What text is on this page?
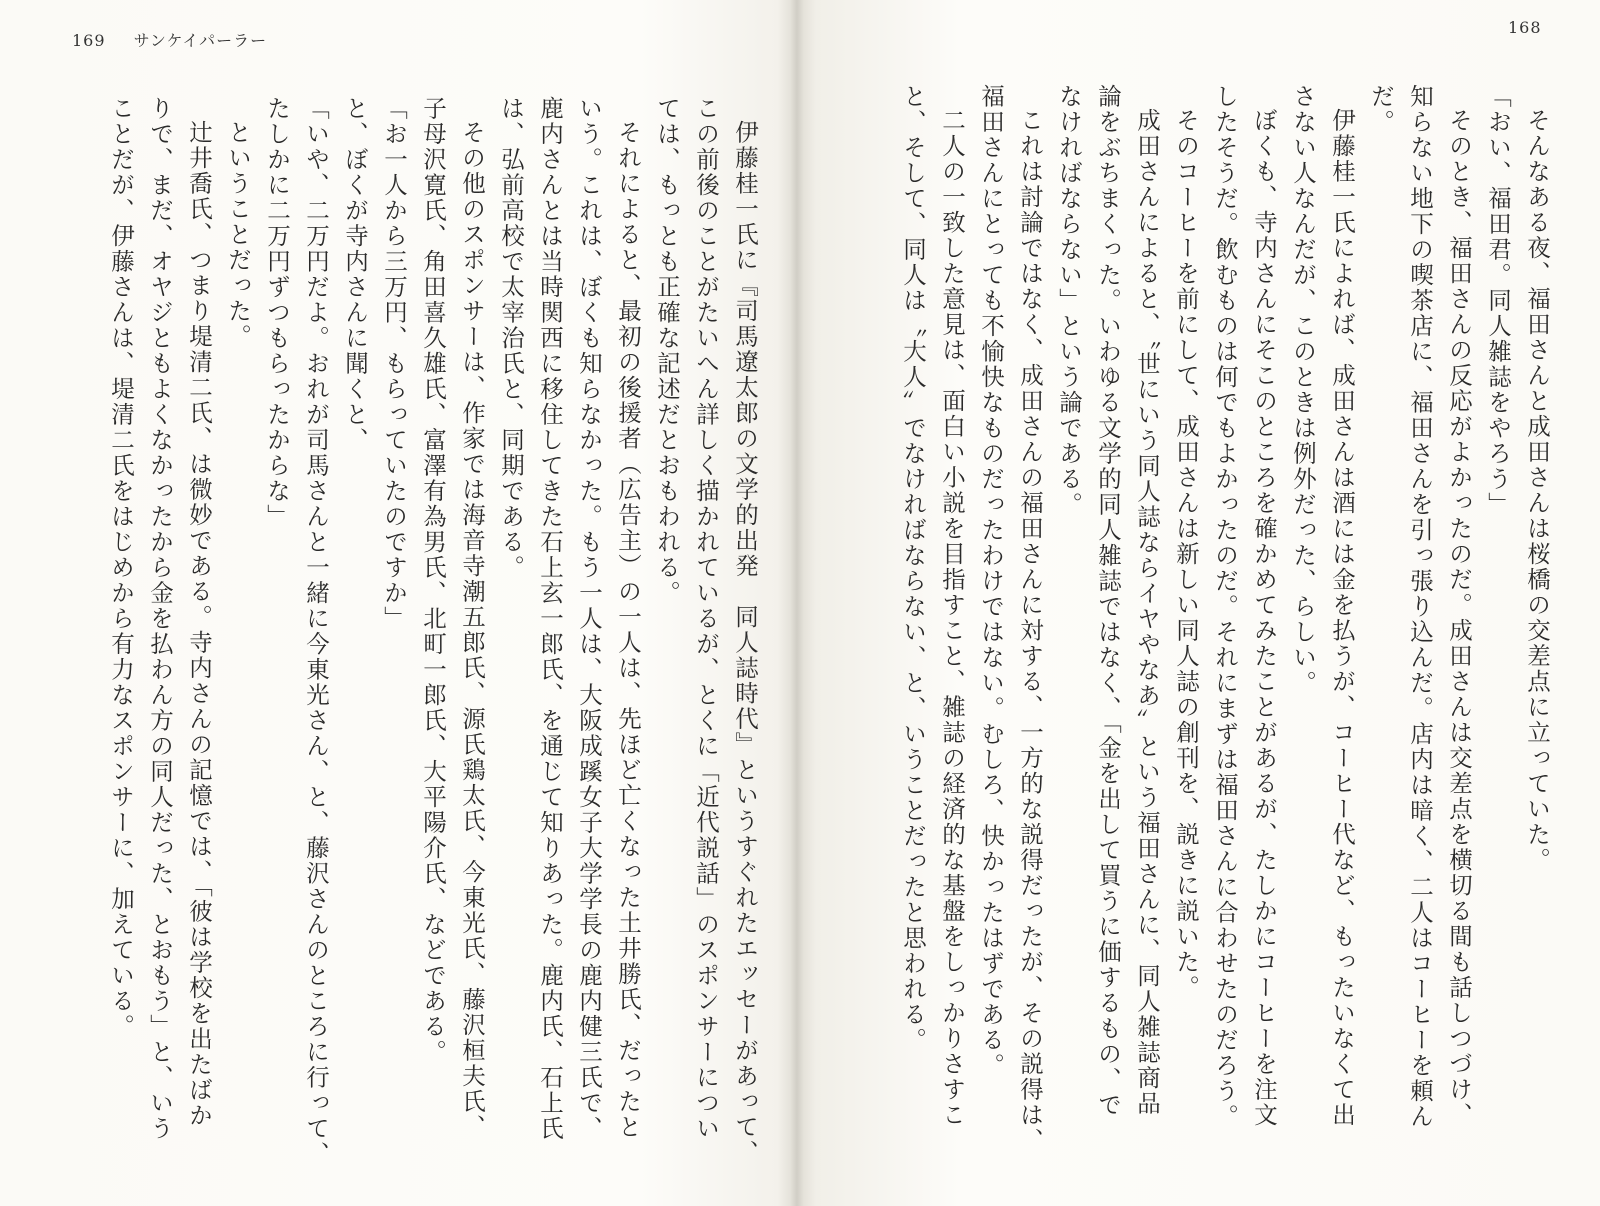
169 サンケイパーラー
168
そんなある夜、福田さんと成田さんは桜橋の交差点に立っていた。
「おい、福田君。同人雑誌をやろう」
そのとき、福田さんの反応がよかったのだ。成田さんは交差点を横切る間も話しつづけ、
知らない地下の喫茶店に、福田さんを引っ張り込んだ。店内は暗く、二人はコーヒーを頼ん
だ。
伊藤桂一氏によれば、成田さんは酒には金を払うが、コーヒー代など、もったいなくて出
さない人なんだが、このときは例外だった、らしい。
ぼくも、寺内さんにそこのところを確かめてみたことがあるが、たしかにコーヒーを注文
したそうだ。飲むものは何でもよかったのだ。それにまずは福田さんに合わせたのだろう。
そのコーヒーを前にして、成田さんは新しい同人誌の創刊を、説きに説いた。
成田さんによると、〝世にいう同人誌ならイヤやなあ〟という福田さんに、同人雑誌商品
論をぶちまくった。いわゆる文学的同人雑誌ではなく、「金を出して買うに価するもの、で
なければならない」という論である。
これは討論ではなく、成田さんの福田さんに対する、一方的な説得だったが、その説得は、
福田さんにとっても不愉快なものだったわけではない。むしろ、快かったはずである。
二人の一致した意見は、面白い小説を目指すこと、雑誌の経済的な基盤をしっかりさすこ
と、そして、同人は〝大人〟でなければならない、と、いうことだったと思われる。
伊藤桂一氏に『司馬遼太郎の文学的出発　同人誌時代』というすぐれたエッセーがあって、
この前後のことがたいへん詳しく描かれているが、とくに「近代説話」のスポンサーについ
ては、もっとも正確な記述だとおもわれる。
それによると、最初の後援者（広告主）の一人は、先ほど亡くなった土井勝氏、だったと
いう。これは、ぼくも知らなかった。もう一人は、大阪成蹊女子大学学長の鹿内健三氏で、
鹿内さんとは当時関西に移住してきた石上玄一郎氏、を通じて知りあった。鹿内氏、石上氏
は、弘前高校で太宰治氏と、同期である。
その他のスポンサーは、作家では海音寺潮五郎氏、源氏鶏太氏、今東光氏、藤沢桓夫氏、
子母沢寛氏、角田喜久雄氏、富澤有為男氏、北町一郎氏、大平陽介氏、などである。
「お一人から三万円、もらっていたのですか」
と、ぼくが寺内さんに聞くと、
「いや、二万円だよ。おれが司馬さんと一緒に今東光さん、と、藤沢さんのところに行って、
たしかに二万円ずつもらったからな」
ということだった。
辻井喬氏、つまり堤清二氏、は微妙である。寺内さんの記憶では、「彼は学校を出たばか
りで、まだ、オヤジともよくなかったから金を払わん方の同人だった、とおもう」と、いう
ことだが、伊藤さんは、堤清二氏をはじめから有力なスポンサーに、加えている。
